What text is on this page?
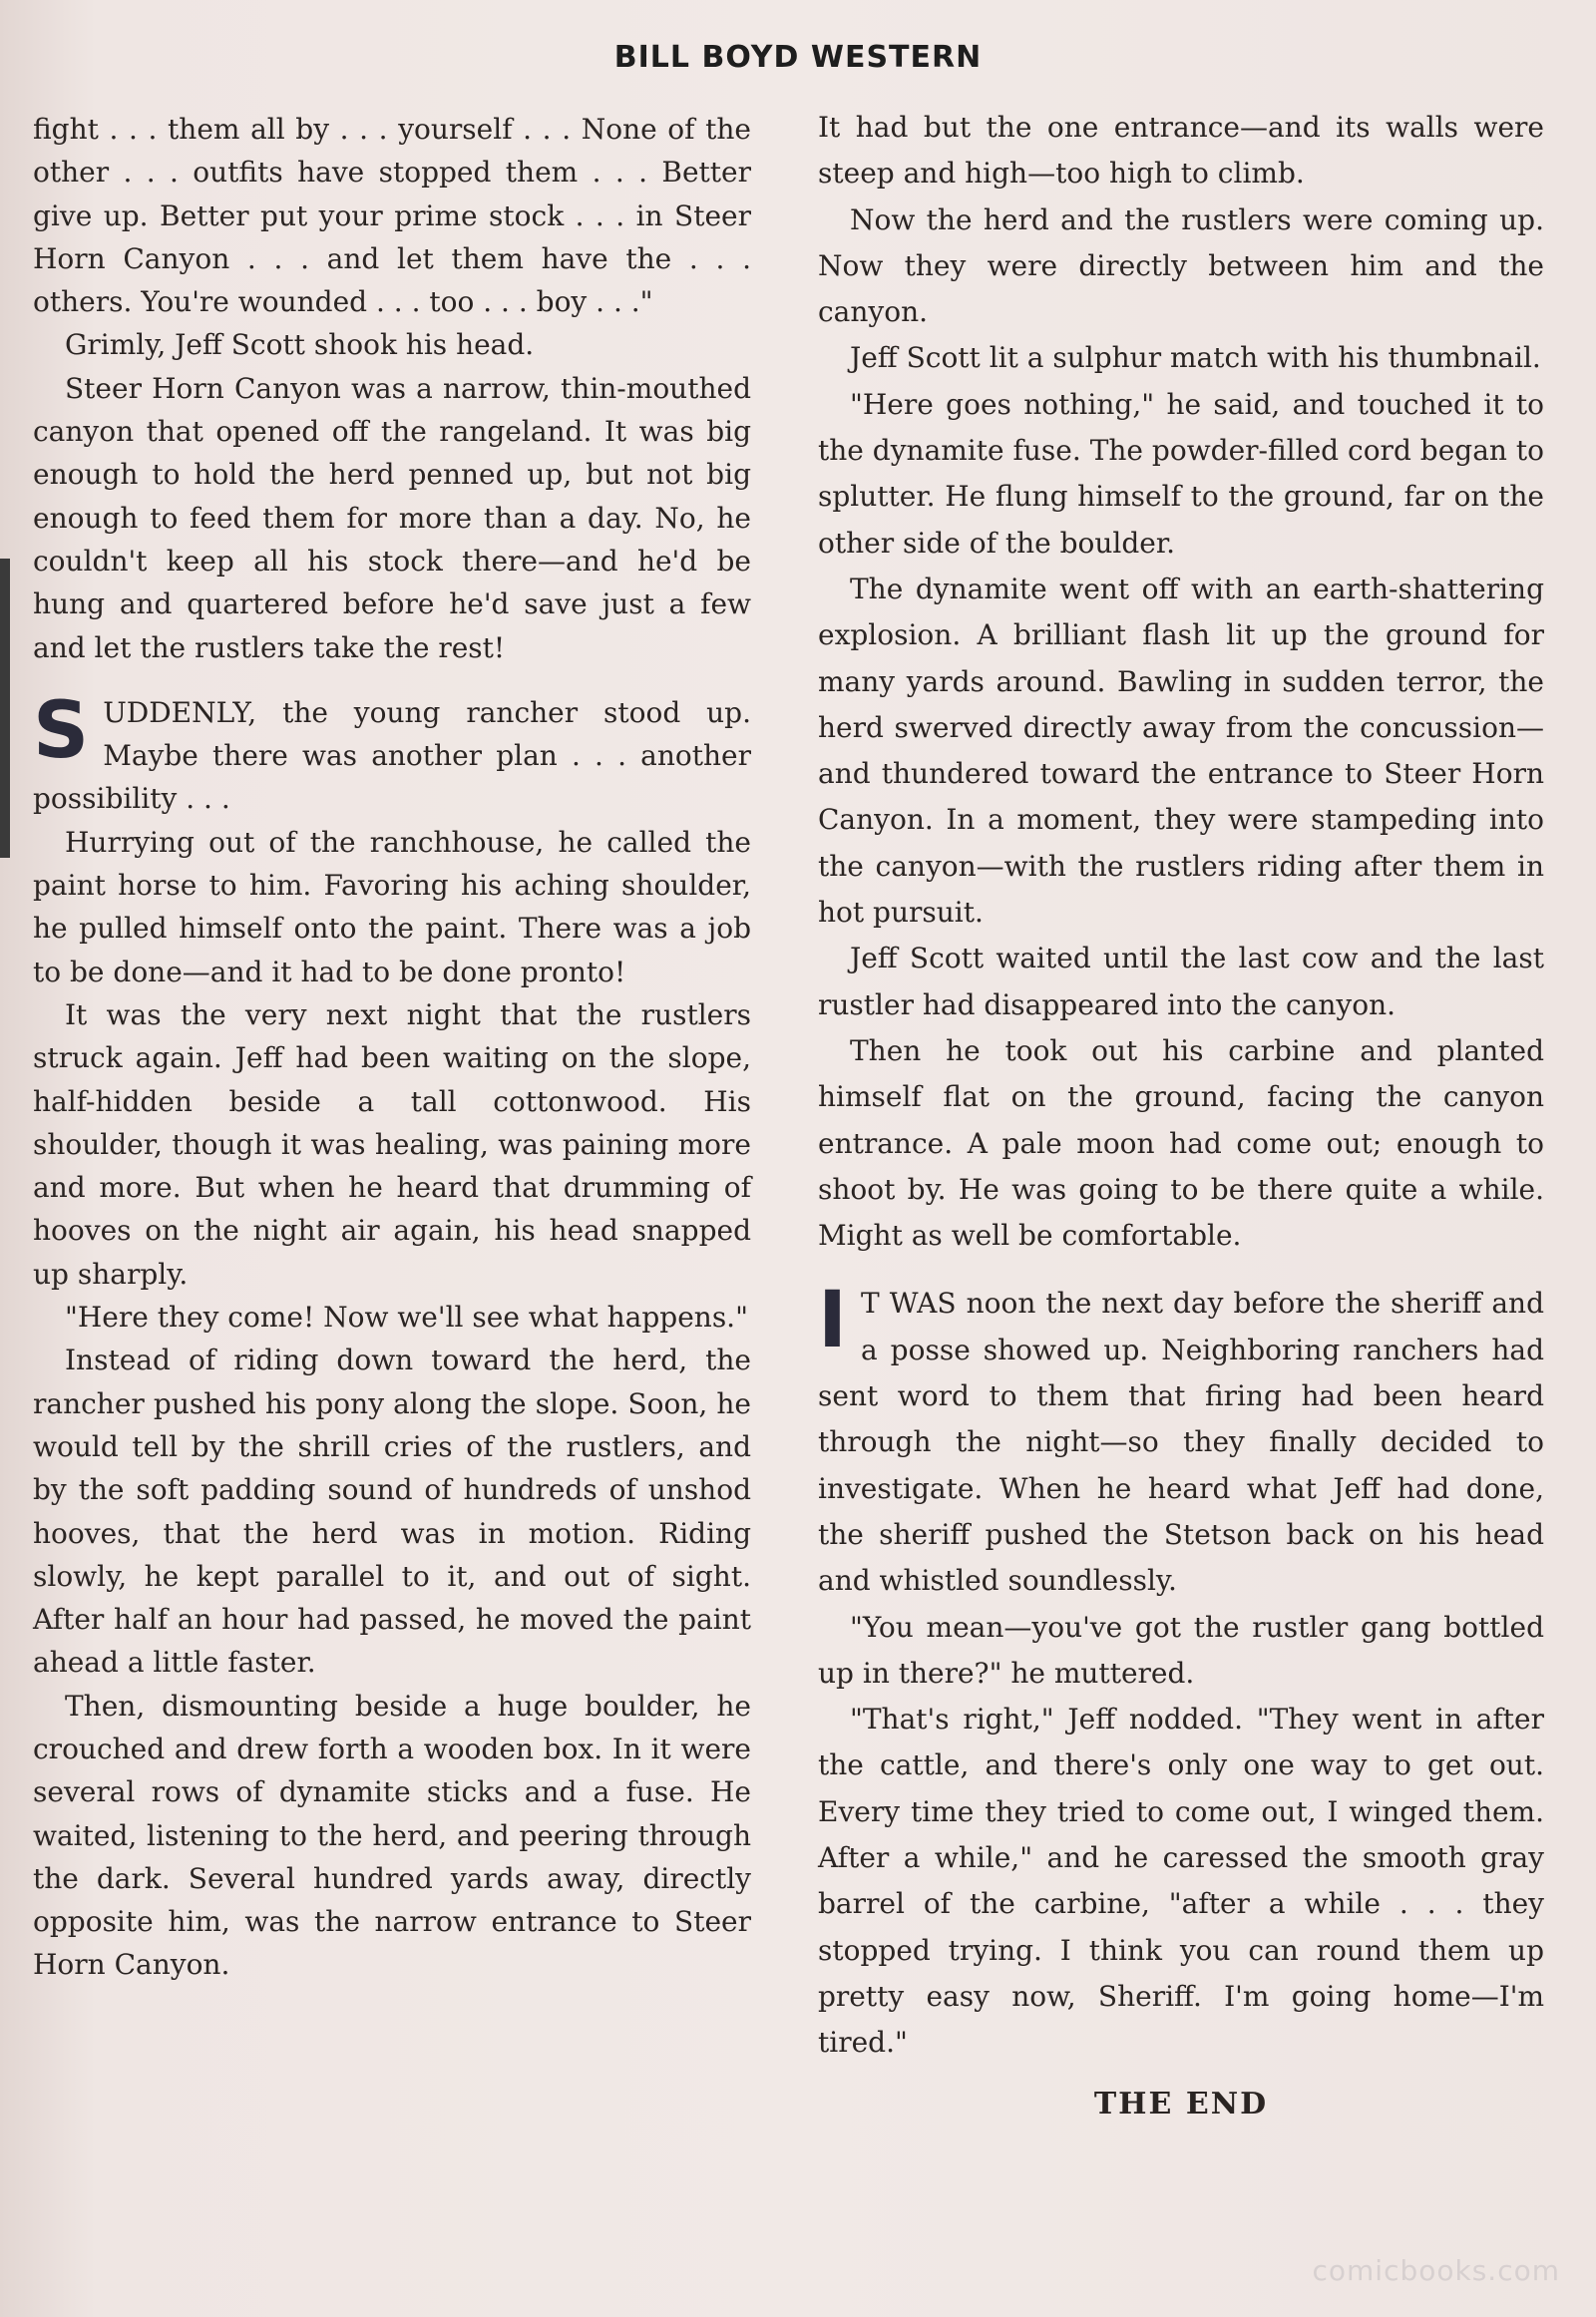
BILL BOYD WESTERN

fight . . . them all by . . . yourself . . . None of the other . . . outfits have stopped them . . . Better give up. Better put your prime stock . . . in Steer Horn Canyon . . . and let them have the . . . others. You're wounded . . . too . . . boy . . ."

Grimly, Jeff Scott shook his head.

Steer Horn Canyon was a narrow, thin-mouthed canyon that opened off the rangeland. It was big enough to hold the herd penned up, but not big enough to feed them for more than a day. No, he couldn't keep all his stock there—and he'd be hung and quartered before he'd save just a few and let the rustlers take the rest!

SUDDENLY, the young rancher stood up. Maybe there was another plan . . . another possibility . . .

Hurrying out of the ranchhouse, he called the paint horse to him. Favoring his aching shoulder, he pulled himself onto the paint. There was a job to be done—and it had to be done pronto!

It was the very next night that the rustlers struck again. Jeff had been waiting on the slope, half-hidden beside a tall cottonwood. His shoulder, though it was healing, was paining more and more. But when he heard that drumming of hooves on the night air again, his head snapped up sharply.

"Here they come! Now we'll see what happens."

Instead of riding down toward the herd, the rancher pushed his pony along the slope. Soon, he would tell by the shrill cries of the rustlers, and by the soft padding sound of hundreds of unshod hooves, that the herd was in motion. Riding slowly, he kept parallel to it, and out of sight. After half an hour had passed, he moved the paint ahead a little faster.

Then, dismounting beside a huge boulder, he crouched and drew forth a wooden box. In it were several rows of dynamite sticks and a fuse. He waited, listening to the herd, and peering through the dark. Several hundred yards away, directly opposite him, was the narrow entrance to Steer Horn Canyon.

It had but the one entrance—and its walls were steep and high—too high to climb.

Now the herd and the rustlers were coming up. Now they were directly between him and the canyon.

Jeff Scott lit a sulphur match with his thumbnail.

"Here goes nothing," he said, and touched it to the dynamite fuse. The powder-filled cord began to splutter. He flung himself to the ground, far on the other side of the boulder.

The dynamite went off with an earth-shattering explosion. A brilliant flash lit up the ground for many yards around. Bawling in sudden terror, the herd swerved directly away from the concussion—and thundered toward the entrance to Steer Horn Canyon. In a moment, they were stampeding into the canyon—with the rustlers riding after them in hot pursuit.

Jeff Scott waited until the last cow and the last rustler had disappeared into the canyon.

Then he took out his carbine and planted himself flat on the ground, facing the canyon entrance. A pale moon had come out; enough to shoot by. He was going to be there quite a while. Might as well be comfortable.

I T WAS noon the next day before the sheriff and a posse showed up. Neighboring ranchers had sent word to them that firing had been heard through the night—so they finally decided to investigate. When he heard what Jeff had done, the sheriff pushed the Stetson back on his head and whistled soundlessly.

"You mean—you've got the rustler gang bottled up in there?" he muttered.

"That's right," Jeff nodded. "They went in after the cattle, and there's only one way to get out. Every time they tried to come out, I winged them. After a while," and he caressed the smooth gray barrel of the carbine, "after a while . . . they stopped trying. I think you can round them up pretty easy now, Sheriff. I'm going home—I'm tired."

THE END
comicbooks.com
